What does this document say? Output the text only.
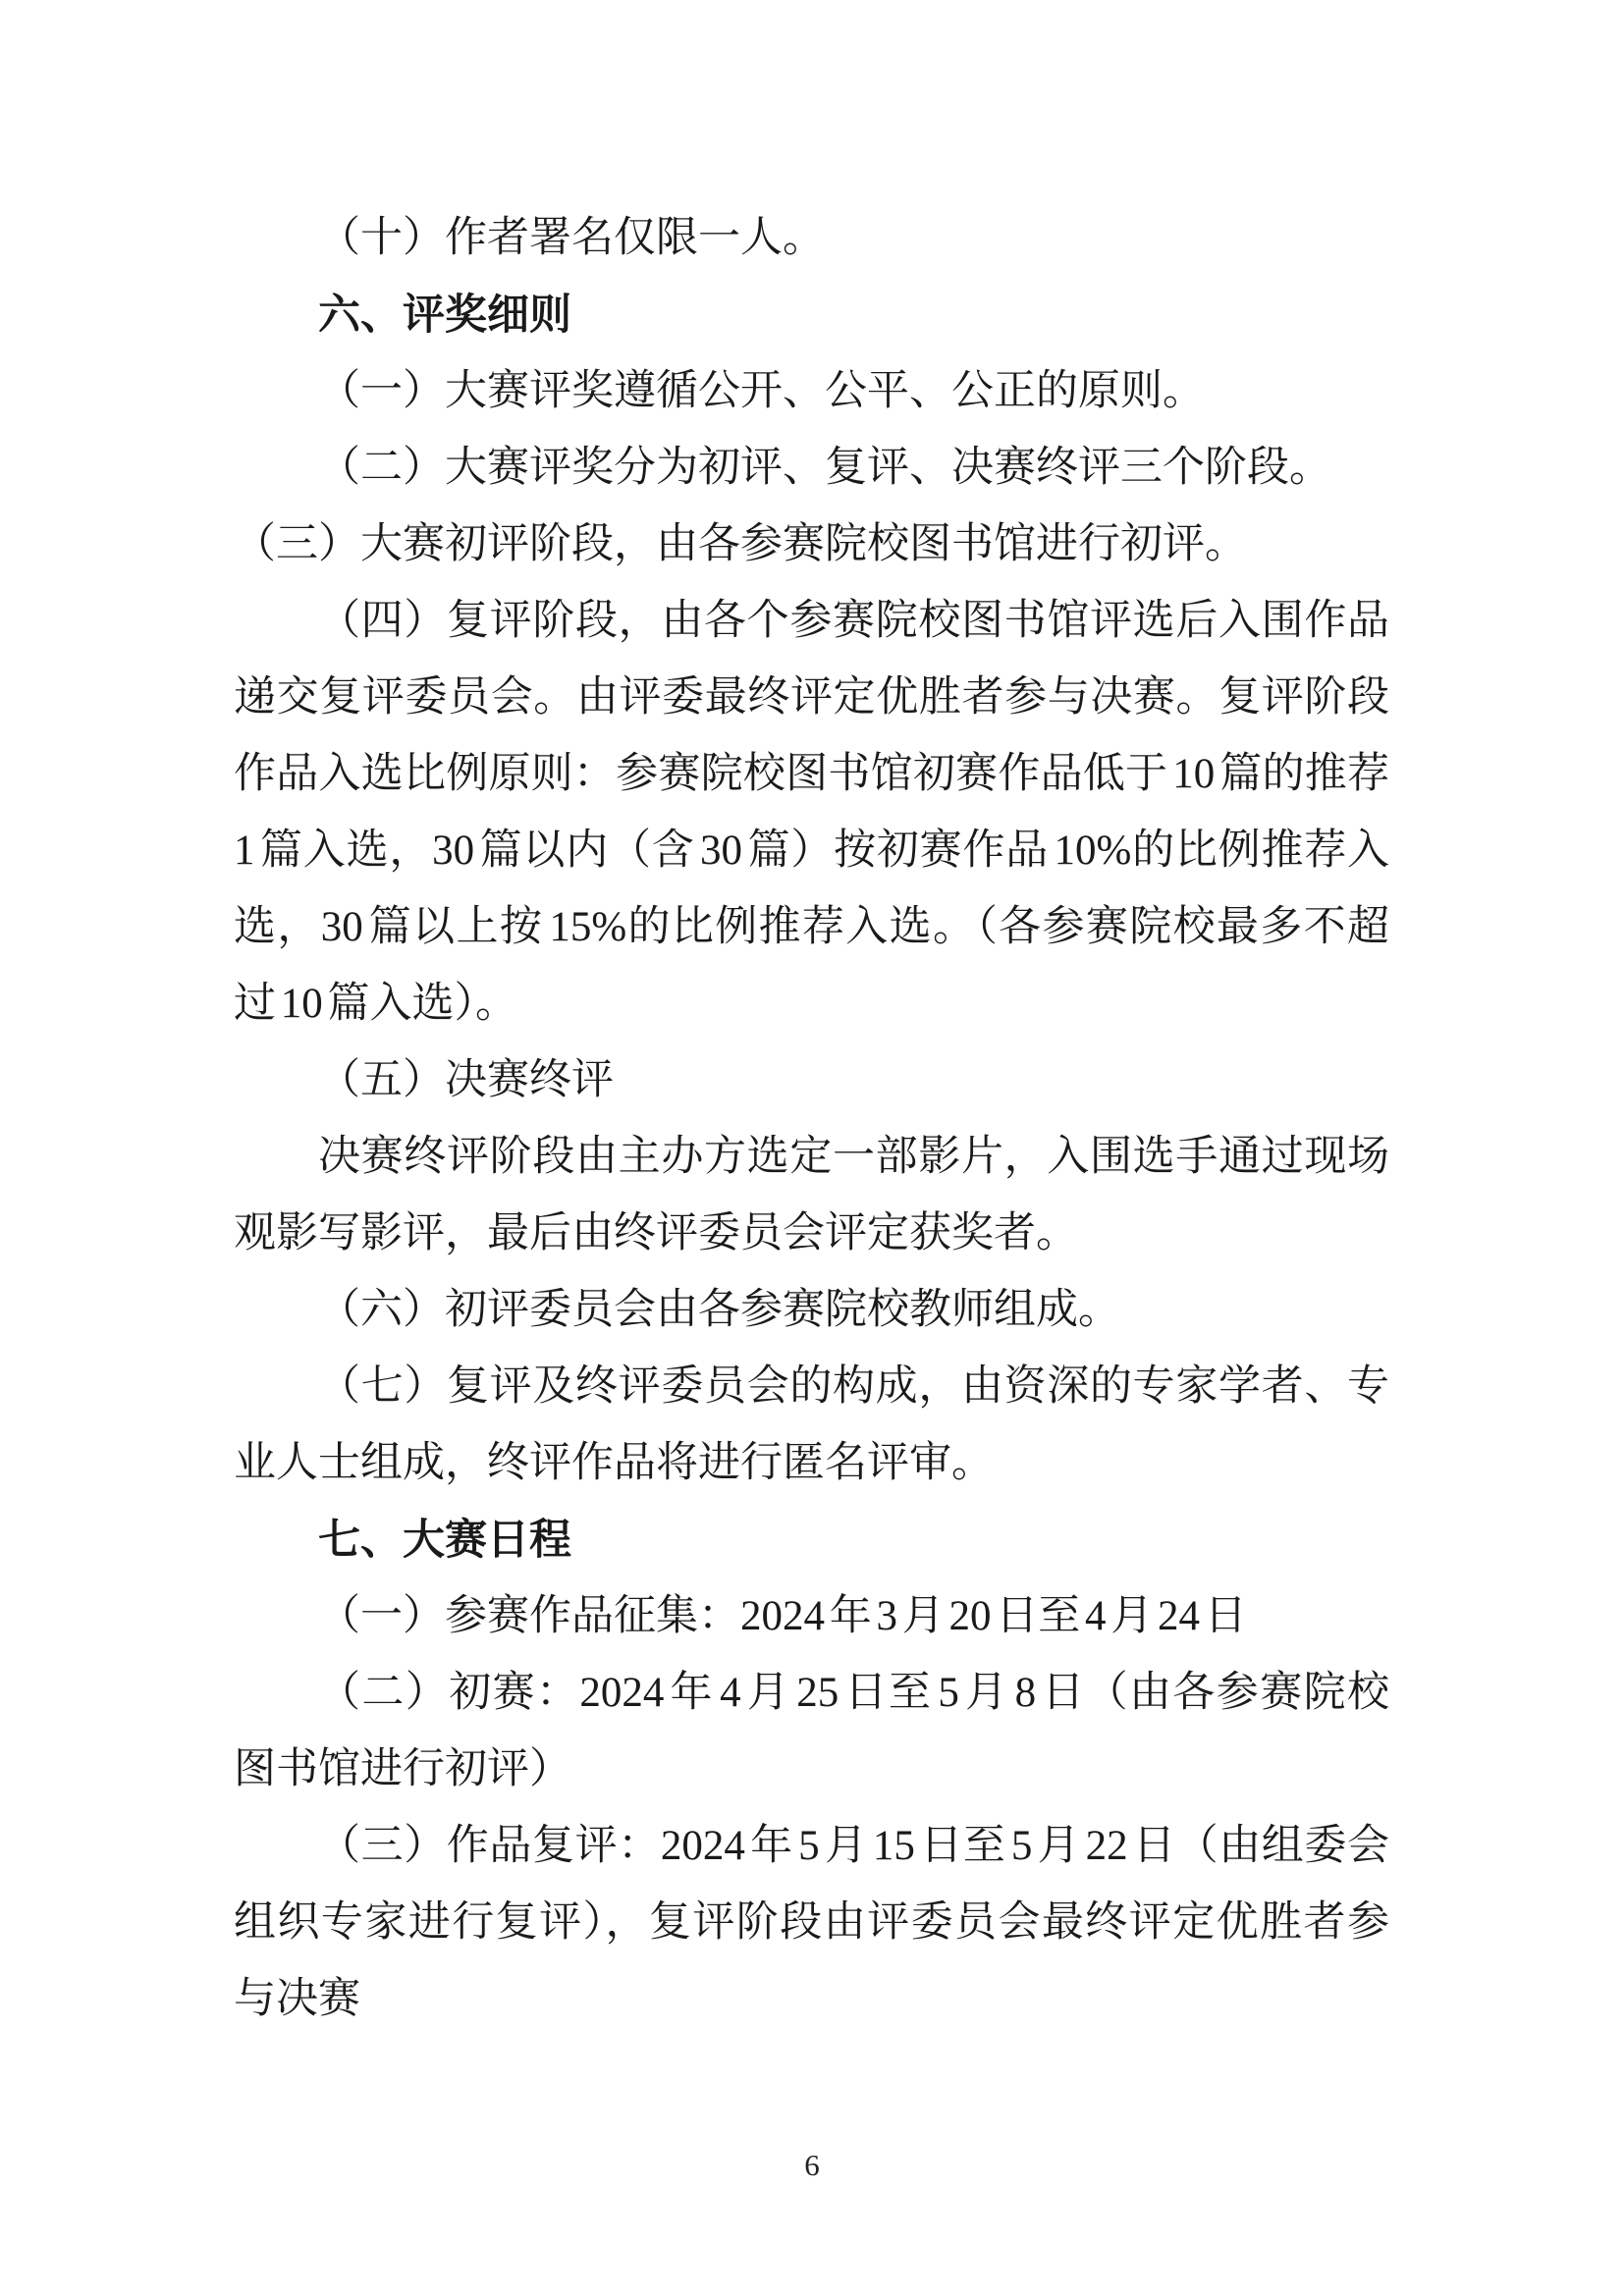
（十）作者署名仅限一人。

六、评奖细则

（一）大赛评奖遵循公开、公平、公正的原则。

（二）大赛评奖分为初评、复评、决赛终评三个阶段。

（三）大赛初评阶段，由各参赛院校图书馆进行初评。

（四）复评阶段，由各个参赛院校图书馆评选后入围作品递交复评委员会。由评委最终评定优胜者参与决赛。复评阶段作品入选比例原则：参赛院校图书馆初赛作品低于 10 篇的推荐 1 篇入选，30 篇以内（含 30 篇）按初赛作品 10%的比例推荐入选，30 篇以上按 15%的比例推荐入选。（各参赛院校最多不超过 10 篇入选）。

（五）决赛终评

决赛终评阶段由主办方选定一部影片，入围选手通过现场观影写影评，最后由终评委员会评定获奖者。

（六）初评委员会由各参赛院校教师组成。

（七）复评及终评委员会的构成，由资深的专家学者、专业人士组成，终评作品将进行匿名评审。

七、大赛日程

（一）参赛作品征集：2024 年 3 月 20 日至 4 月 24 日

（二）初赛：2024 年 4 月 25 日至 5 月 8 日（由各参赛院校图书馆进行初评）

（三）作品复评：2024 年 5 月 15 日至 5 月 22 日（由组委会组织专家进行复评），复评阶段由评委员会最终评定优胜者参与决赛

6
